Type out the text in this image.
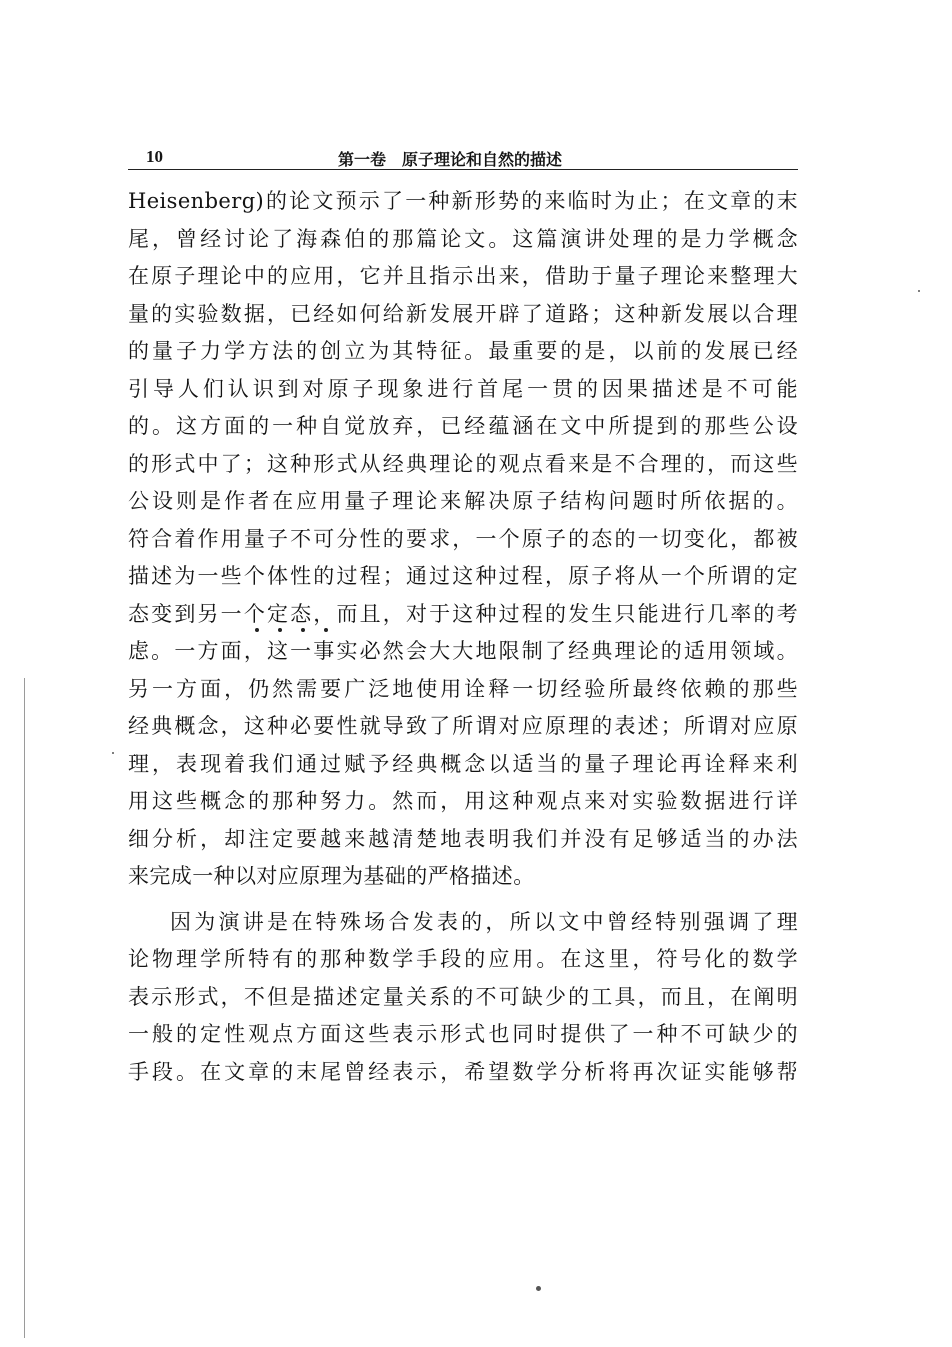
10	第一卷　原子理论和自然的描述
Heisenberg)的论文预示了一种新形势的来临时为止；在文章的末
尾，曾经讨论了海森伯的那篇论文。这篇演讲处理的是力学概念
在原子理论中的应用，它并且指示出来，借助于量子理论来整理大
量的实验数据，已经如何给新发展开辟了道路；这种新发展以合理
的量子力学方法的创立为其特征。最重要的是，以前的发展已经
引导人们认识到对原子现象进行首尾一贯的因果描述是不可能
的。这方面的一种自觉放弃，已经蕴涵在文中所提到的那些公设
的形式中了；这种形式从经典理论的观点看来是不合理的，而这些
公设则是作者在应用量子理论来解决原子结构问题时所依据的。
符合着作用量子不可分性的要求，一个原子的态的一切变化，都被
描述为一些个体性的过程；通过这种过程，原子将从一个所谓的定
态变到另一个定态，而且，对于这种过程的发生只能进行几率的考
虑。一方面，这一事实必然会大大地限制了经典理论的适用领域。
另一方面，仍然需要广泛地使用诠释一切经验所最终依赖的那些
经典概念，这种必要性就导致了所谓对应原理的表述；所谓对应原
理，表现着我们通过赋予经典概念以适当的量子理论再诠释来利
用这些概念的那种努力。然而，用这种观点来对实验数据进行详
细分析，却注定要越来越清楚地表明我们并没有足够适当的办法
来完成一种以对应原理为基础的严格描述。
因为演讲是在特殊场合发表的，所以文中曾经特别强调了理
论物理学所特有的那种数学手段的应用。在这里，符号化的数学
表示形式，不但是描述定量关系的不可缺少的工具，而且，在阐明
一般的定性观点方面这些表示形式也同时提供了一种不可缺少的
手段。在文章的末尾曾经表示，希望数学分析将再次证实能够帮
